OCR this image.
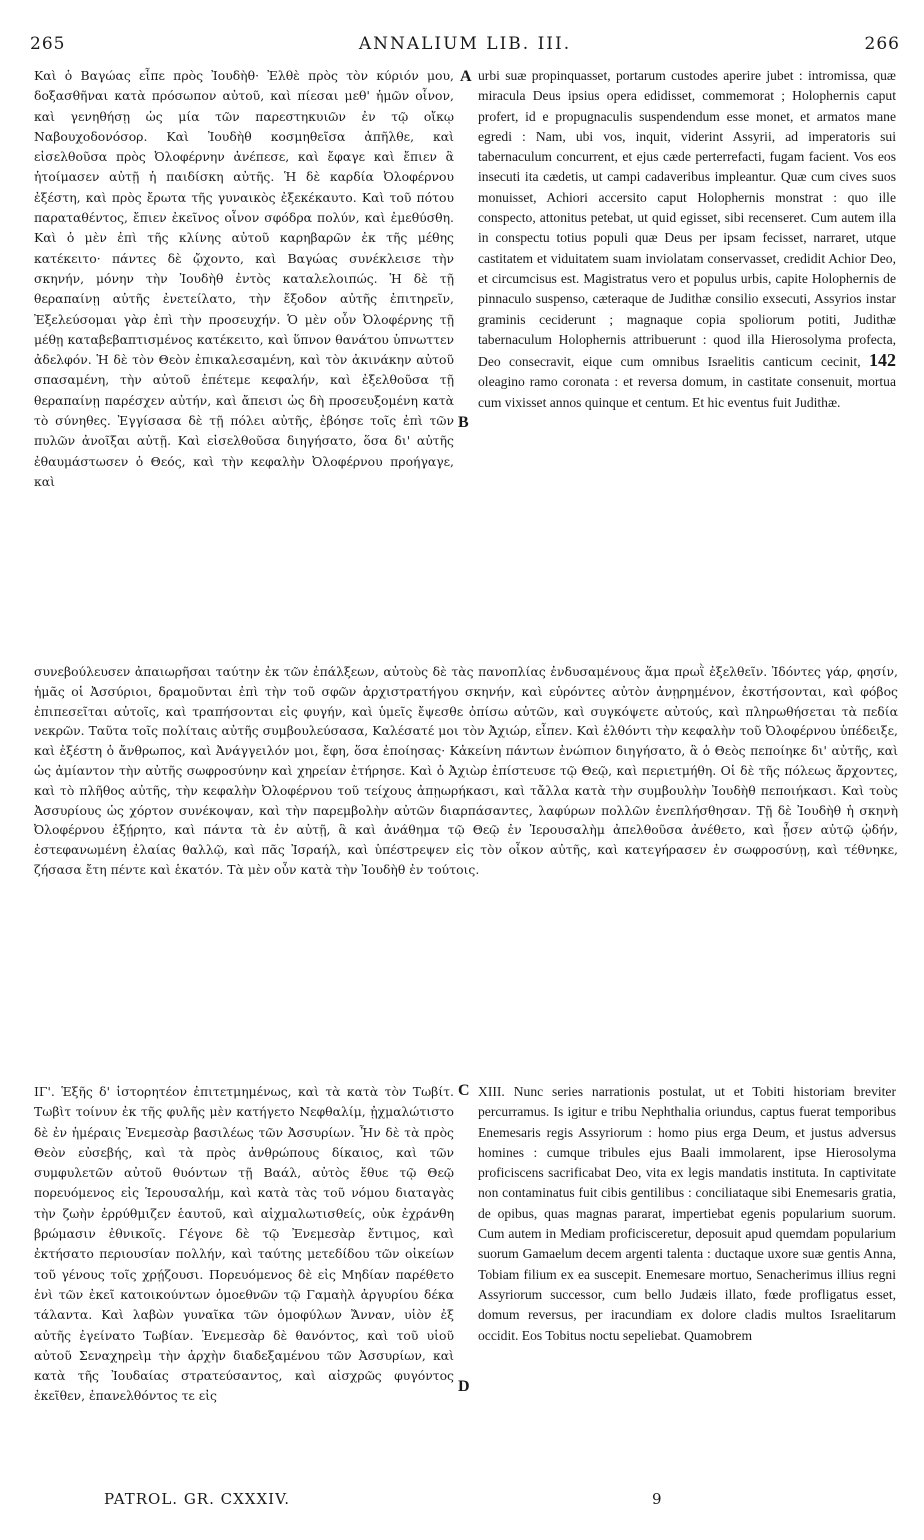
265	ANNALIUM LIB. III.	266

Καὶ ὁ Βαγώας εἶπε πρὸς Ἰουδὴθ· Ἐλθὲ πρὸς τὸν κύριόν μου, δοξασθῆναι κατὰ πρόσωπον αὐτοῦ, καὶ πίεσαι μεθ' ἡμῶν οἶνον, καὶ γενηθήσῃ ὡς μία τῶν παρεστηκυιῶν ἐν τῷ οἴκῳ Ναβουχοδονόσορ. Καὶ Ἰουδὴθ κοσμηθεῖσα ἀπῆλθε, καὶ εἰσελθοῦσα πρὸς Ὀλοφέρνην ἀνέπεσε, καὶ ἔφαγε καὶ ἔπιεν ἃ ἡτοίμασεν αὐτῇ ἡ παιδίσκη αὐτῆς. Ἡ δὲ καρδία Ὀλοφέρνου ἐξέστη, καὶ πρὸς ἔρωτα τῆς γυναικὸς ἐξεκέκαυτο. Καὶ τοῦ πότου παραταθέντος, ἔπιεν ἐκεῖνος οἶνον σφόδρα πολύν, καὶ ἐμεθύσθη. Καὶ ὁ μὲν ἐπὶ τῆς κλίνης αὐτοῦ καρηβαρῶν ἐκ τῆς μέθης κατέκειτο· πάντες δὲ ᾤχοντο, καὶ Βαγώας συνέκλεισε τὴν σκηνήν, μόνην τὴν Ἰουδὴθ ἐντὸς καταλελοιπώς. Ἡ δὲ τῇ θεραπαίνῃ αὐτῆς ἐνετείλατο, τὴν ἔξοδον αὐτῆς ἐπιτηρεῖν, Ἐξελεύσομαι γὰρ ἐπὶ τὴν προσευχήν. Ὁ μὲν οὖν Ὀλοφέρνης τῇ μέθῃ καταβεβαπτισμένος κατέκειτο, καὶ ὕπνον θανάτου ὑπνωττεν ἀδελφόν. Ἡ δὲ τὸν Θεὸν ἐπικαλεσαμένη, καὶ τὸν ἀκινάκην αὐτοῦ σπασαμένη, τὴν αὐτοῦ ἐπέτεμε κεφαλήν, καὶ ἐξελθοῦσα τῇ θεραπαίνῃ παρέσχεν αὐτήν, καὶ ἄπεισι ὡς δὴ προσευξομένη κατὰ τὸ σύνηθες. Ἐγγίσασα δὲ τῇ πόλει αὐτῆς, ἐβόησε τοῖς ἐπὶ τῶν πυλῶν ἀνοῖξαι αὐτῇ. Καὶ εἰσελθοῦσα διηγήσατο, ὅσα δι' αὐτῆς ἐθαυμάστωσεν ὁ Θεός, καὶ τὴν κεφαλὴν Ὀλοφέρνου προήγαγε, καὶ

A
B

urbi suæ propinquasset, portarum custodes aperire jubet : intromissa, quæ miracula Deus ipsius opera edidisset, commemorat ; Holophernis caput profert, id e propugnaculis suspendendum esse monet, et armatos mane egredi : Nam, ubi vos, inquit, viderint Assyrii, ad imperatoris sui tabernaculum concurrent, et ejus cæde perterrefacti, fugam facient. Vos eos insecuti ita cædetis, ut campi cadaveribus impleantur. Quæ cum cives suos monuisset, Achiori accersito caput Holophernis monstrat : quo ille conspecto, attonitus petebat, ut quid egisset, sibi recenseret. Cum autem illa in conspectu totius populi quæ Deus per ipsam fecisset, narraret, utque castitatem et viduitatem suam inviolatam conservasset, credidit Achior Deo, et circumcisus est. Magistratus vero et populus urbis, capite Holophernis de pinnaculo suspenso, cæteraque de Judithæ consilio exsecuti, Assyrios instar graminis ceciderunt ; magnaque copia spoliorum potiti, Judithæ tabernaculum Holophernis attribuerunt : quod illa Hierosolyma profecta, Deo consecravit, eique cum omnibus Israelitis canticum cecinit, 142 oleagino ramo coronata : et reversa domum, in castitate consenuit, mortua cum vixisset annos quinque et centum. Et hic eventus fuit Judithæ.

συνεβούλευσεν ἀπαιωρῆσαι ταύτην ἐκ τῶν ἐπάλξεων, αὐτοὺς δὲ τὰς πανοπλίας ἐνδυσαμένους ἅμα πρωῒ ἐξελθεῖν. Ἰδόντες γάρ, φησίν, ἡμᾶς οἱ Ἀσσύριοι, δραμοῦνται ἐπὶ τὴν τοῦ σφῶν ἀρχιστρατήγου σκηνήν, καὶ εὑρόντες αὐτὸν ἀνῃρημένον, ἐκστήσονται, καὶ φόβος ἐπιπεσεῖται αὐτοῖς, καὶ τραπήσονται εἰς φυγήν, καὶ ὑμεῖς ἔψεσθε ὀπίσω αὐτῶν, καὶ συγκόψετε αὐτούς, καὶ πληρωθήσεται τὰ πεδία νεκρῶν. Ταῦτα τοῖς πολίταις αὐτῆς συμβουλεύσασα, Καλέσατέ μοι τὸν Ἀχιώρ, εἶπεν. Καὶ ἐλθόντι τὴν κεφαλὴν τοῦ Ὀλοφέρνου ὑπέδειξε, καὶ ἐξέστη ὁ ἄνθρωπος, καὶ Ἀνάγγειλόν μοι, ἔφη, ὅσα ἐποίησας· Κἀκείνη πάντων ἐνώπιον διηγήσατο, ἃ ὁ Θεὸς πεποίηκε δι' αὐτῆς, καὶ ὡς ἀμίαντον τὴν αὐτῆς σωφροσύνην καὶ χηρείαν ἐτήρησε. Καὶ ὁ Ἀχιὼρ ἐπίστευσε τῷ Θεῷ, καὶ περιετμήθη. Οἱ δὲ τῆς πόλεως ἄρχοντες, καὶ τὸ πλῆθος αὐτῆς, τὴν κεφαλὴν Ὀλοφέρνου τοῦ τείχους ἀπῃωρήκασι, καὶ τἄλλα κατὰ τὴν συμβουλὴν Ἰουδὴθ πεποιήκασι. Καὶ τοὺς Ἀσσυρίους ὡς χόρτον συνέκοψαν, καὶ τὴν παρεμβολὴν αὐτῶν διαρπάσαντες, λαφύρων πολλῶν ἐνεπλήσθησαν. Τῇ δὲ Ἰουδὴθ ἡ σκηνὴ Ὀλοφέρνου ἐξῄρητο, καὶ πάντα τὰ ἐν αὐτῇ, ἃ καὶ ἀνάθημα τῷ Θεῷ ἐν Ἱερουσαλὴμ ἀπελθοῦσα ἀνέθετο, καὶ ᾖσεν αὐτῷ ᾠδήν, ἐστεφανωμένη ἐλαίας θαλλῷ, καὶ πᾶς Ἰσραήλ, καὶ ὑπέστρεψεν εἰς τὸν οἶκον αὐτῆς, καὶ κατεγήρασεν ἐν σωφροσύνῃ, καὶ τέθνηκε, ζήσασα ἔτη πέντε καὶ ἑκατόν. Τὰ μὲν οὖν κατὰ τὴν Ἰουδὴθ ἐν τούτοις.

C
D

ΙΓ'. Ἑξῆς δ' ἱστορητέον ἐπιτετμημένως, καὶ τὰ κατὰ τὸν Τωβίτ. Τωβὶτ τοίνυν ἐκ τῆς φυλῆς μὲν κατήγετο Νεφθαλίμ, ᾐχμαλώτιστο δὲ ἐν ἡμέραις Ἐνεμεσὰρ βασιλέως τῶν Ἀσσυρίων. Ἦν δὲ τὰ πρὸς Θεὸν εὐσεβής, καὶ τὰ πρὸς ἀνθρώπους δίκαιος, καὶ τῶν συμφυλετῶν αὐτοῦ θυόντων τῇ Βαάλ, αὐτὸς ἔθυε τῷ Θεῷ πορευόμενος εἰς Ἱερουσαλήμ, καὶ κατὰ τὰς τοῦ νόμου διαταγὰς τὴν ζωὴν ἐρρύθμιζεν ἑαυτοῦ, καὶ αἰχμαλωτισθείς, οὐκ ἐχράνθη βρώμασιν ἐθνικοῖς. Γέγονε δὲ τῷ Ἐνεμεσὰρ ἔντιμος, καὶ ἐκτήσατο περιουσίαν πολλήν, καὶ ταύτης μετεδίδου τῶν οἰκείων τοῦ γένους τοῖς χρῄζουσι. Πορευόμενος δὲ εἰς Μηδίαν παρέθετο ἐνὶ τῶν ἐκεῖ κατοικούντων ὁμοεθνῶν τῷ Γαμαὴλ ἀργυρίου δέκα τάλαντα. Καὶ λαβὼν γυναῖκα τῶν ὁμοφύλων Ἄνναν, υἱὸν ἐξ αὐτῆς ἐγείνατο Τωβίαν. Ἐνεμεσὰρ δὲ θανόντος, καὶ τοῦ υἱοῦ αὐτοῦ Σεναχηρεὶμ τὴν ἀρχὴν διαδεξαμένου τῶν Ἀσσυρίων, καὶ κατὰ τῆς Ἰουδαίας στρατεύσαντος, καὶ αἰσχρῶς φυγόντος ἐκεῖθεν, ἐπανελθόντος τε εἰς

XIII. Nunc series narrationis postulat, ut et Tobiti historiam breviter percurramus. Is igitur e tribu Nephthalia oriundus, captus fuerat temporibus Enemesaris regis Assyriorum : homo pius erga Deum, et justus adversus homines : cumque tribules ejus Baali immolarent, ipse Hierosolyma proficiscens sacrificabat Deo, vita ex legis mandatis instituta. In captivitate non contaminatus fuit cibis gentilibus : conciliataque sibi Enemesaris gratia, de opibus, quas magnas pararat, impertiebat egenis popularium suorum. Cum autem in Mediam proficisceretur, deposuit apud quemdam popularium suorum Gamaelum decem argenti talenta : ductaque uxore suæ gentis Anna, Tobiam filium ex ea suscepit. Enemesare mortuo, Senacherimus illius regni Assyriorum successor, cum bello Judæis illato, fœde profligatus esset, domum reversus, per iracundiam ex dolore cladis multos Israelitarum occidit. Eos Tobitus noctu sepeliebat. Quamobrem

PATROL. GR. CXXXIV.	9
